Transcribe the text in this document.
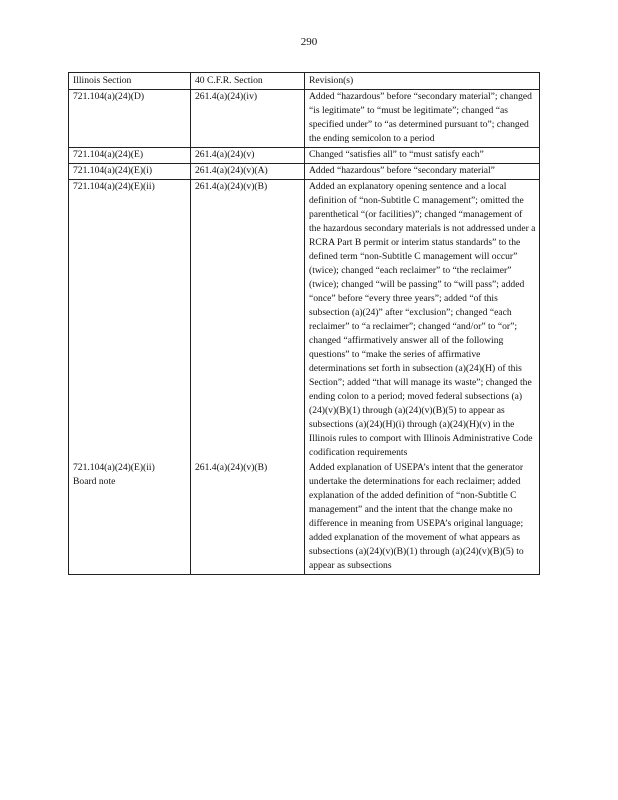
290
Illinois Section	40 C.F.R. Section	Revision(s)

721.104(a)(24)(D)	261.4(a)(24)(iv)	Added “hazardous” before “secondary material”; changed “is legitimate” to “must be legitimate”; changed “as specified under” to “as determined pursuant to”; changed the ending semicolon to a period

721.104(a)(24)(E)	261.4(a)(24)(v)	Changed “satisfies all” to “must satisfy each”

721.104(a)(24)(E)(i)	261.4(a)(24)(v)(A)	Added “hazardous” before “secondary material”

721.104(a)(24)(E)(ii)	261.4(a)(24)(v)(B)	Added an explanatory opening sentence and a local definition of “non-Subtitle C management”; omitted the parenthetical “(or facilities)”; changed “management of the hazardous secondary materials is not addressed under a RCRA Part B permit or interim status standards” to the defined term “non-Subtitle C management will occur” (twice); changed “each reclaimer” to “the reclaimer” (twice); changed “will be passing” to “will pass”; added “once” before “every three years”; added “of this subsection (a)(24)” after “exclusion”; changed “each reclaimer” to “a reclaimer”; changed “and/or” to “or”; changed “affirmatively answer all of the following questions” to “make the series of affirmative determinations set forth in subsection (a)(24)(H) of this Section”; added “that will manage its waste”; changed the ending colon to a period; moved federal subsections (a)(24)(v)(B)(1) through (a)(24)(v)(B)(5) to appear as subsections (a)(24)(H)(i) through (a)(24)(H)(v) in the Illinois rules to comport with Illinois Administrative Code codification requirements

721.104(a)(24)(E)(ii)
Board note	261.4(a)(24)(v)(B)	Added explanation of USEPA’s intent that the generator undertake the determinations for each reclaimer; added explanation of the added definition of “non-Subtitle C management” and the intent that the change make no difference in meaning from USEPA’s original language; added explanation of the movement of what appears as subsections (a)(24)(v)(B)(1) through (a)(24)(v)(B)(5) to appear as subsections
